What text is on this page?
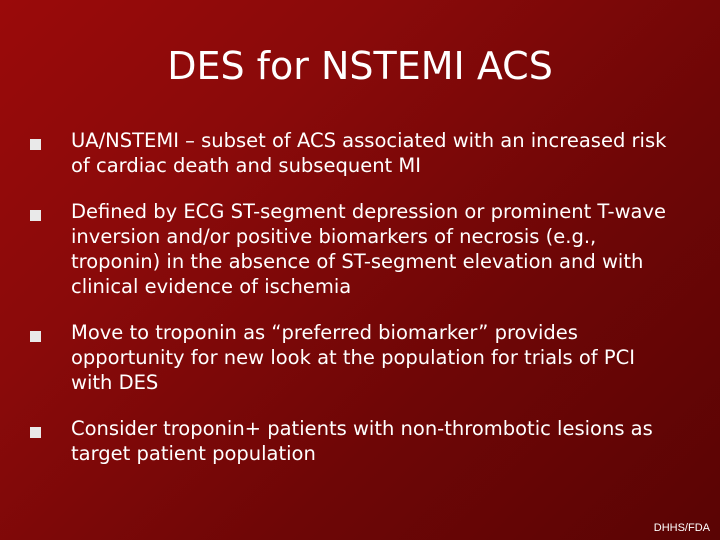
DES for NSTEMI ACS
UA/NSTEMI – subset of ACS associated with an increased risk of cardiac death and subsequent MI
Defined by ECG ST-segment depression or prominent T-wave inversion and/or positive biomarkers of necrosis (e.g., troponin) in the absence of ST-segment elevation and with clinical evidence of ischemia
Move to troponin as “preferred biomarker” provides opportunity for new look at the population for trials of PCI with DES
Consider troponin+ patients with non-thrombotic lesions as target patient population
DHHS/FDA
